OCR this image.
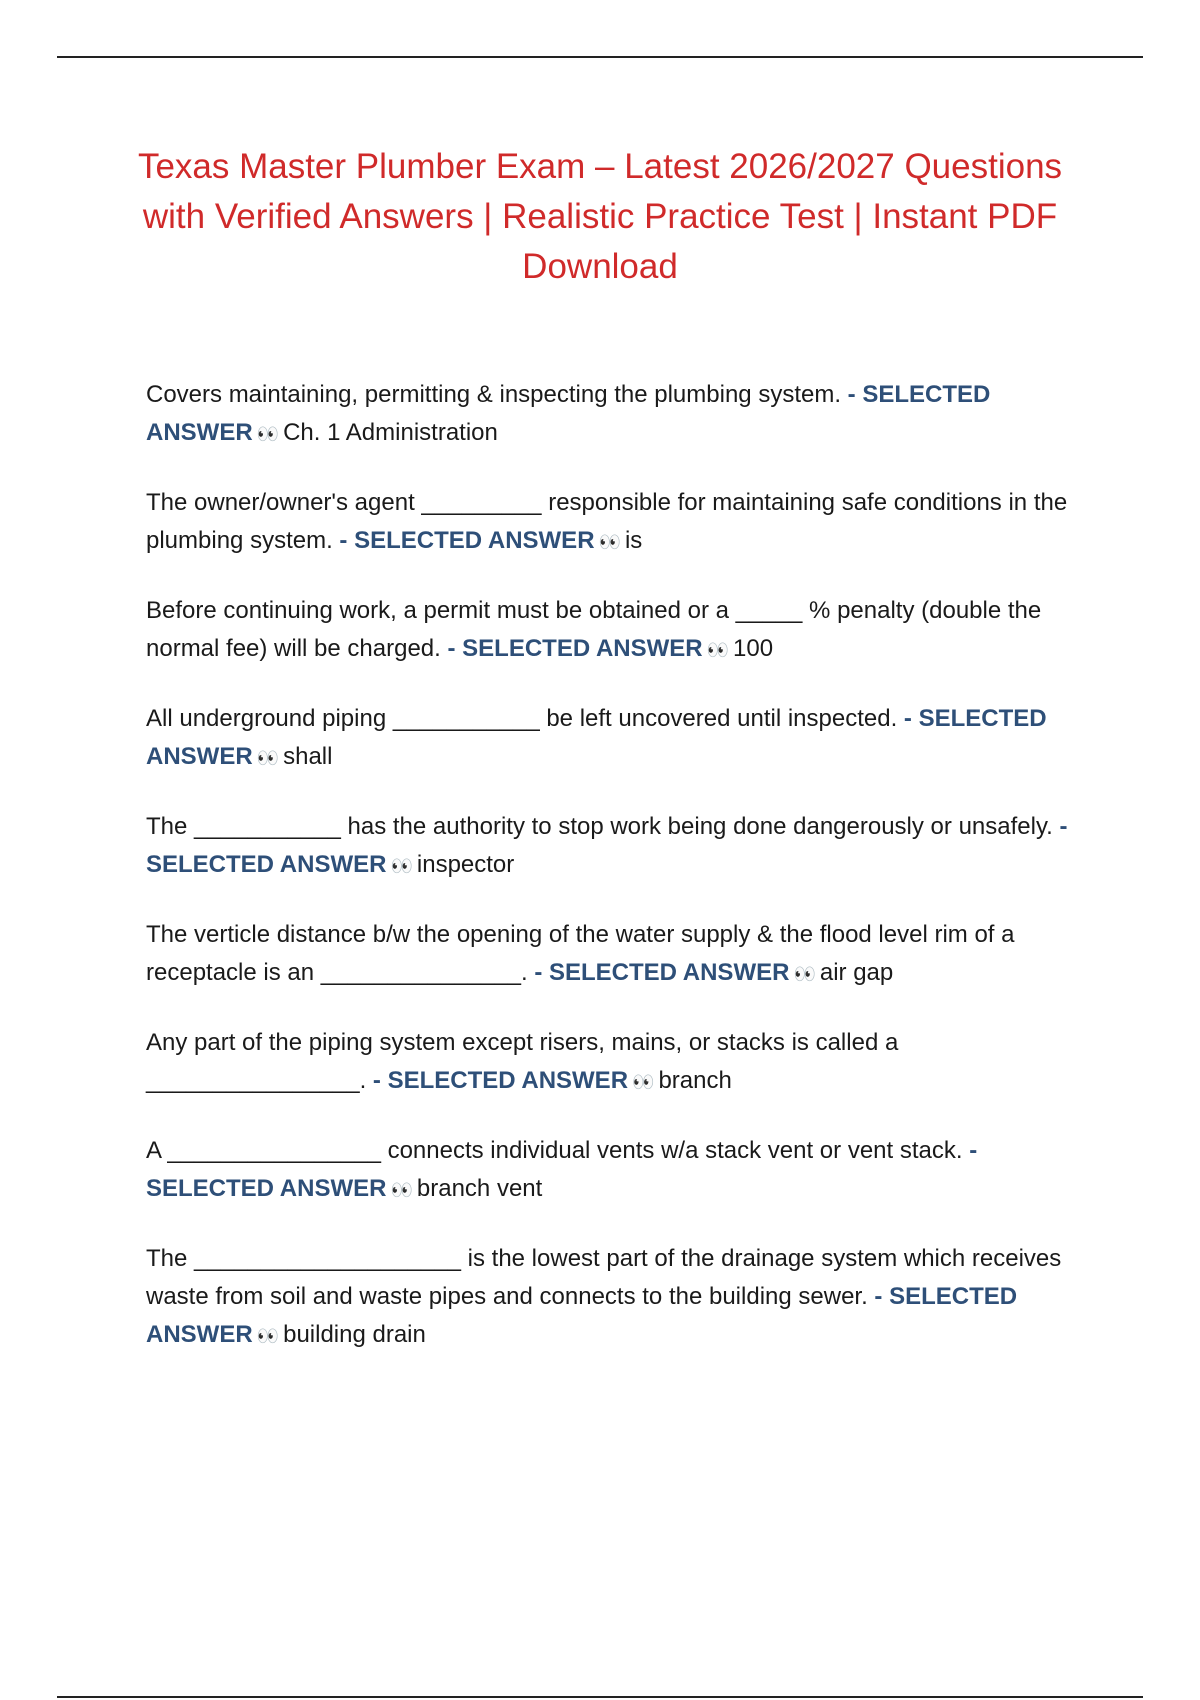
Texas Master Plumber Exam – Latest 2026/2027 Questions with Verified Answers | Realistic Practice Test | Instant PDF Download
Covers maintaining, permitting & inspecting the plumbing system. - SELECTED ANSWER 👀 Ch. 1 Administration
The owner/owner's agent _________ responsible for maintaining safe conditions in the plumbing system. - SELECTED ANSWER 👀 is
Before continuing work, a permit must be obtained or a _____ % penalty (double the normal fee) will be charged. - SELECTED ANSWER 👀 100
All underground piping ___________ be left uncovered until inspected. - SELECTED ANSWER 👀 shall
The ___________ has the authority to stop work being done dangerously or unsafely. - SELECTED ANSWER 👀 inspector
The verticle distance b/w the opening of the water supply & the flood level rim of a receptacle is an _______________. - SELECTED ANSWER 👀 air gap
Any part of the piping system except risers, mains, or stacks is called a ________________. - SELECTED ANSWER 👀 branch
A ________________ connects individual vents w/a stack vent or vent stack. - SELECTED ANSWER 👀 branch vent
The ____________________ is the lowest part of the drainage system which receives waste from soil and waste pipes and connects to the building sewer. - SELECTED ANSWER 👀 building drain
